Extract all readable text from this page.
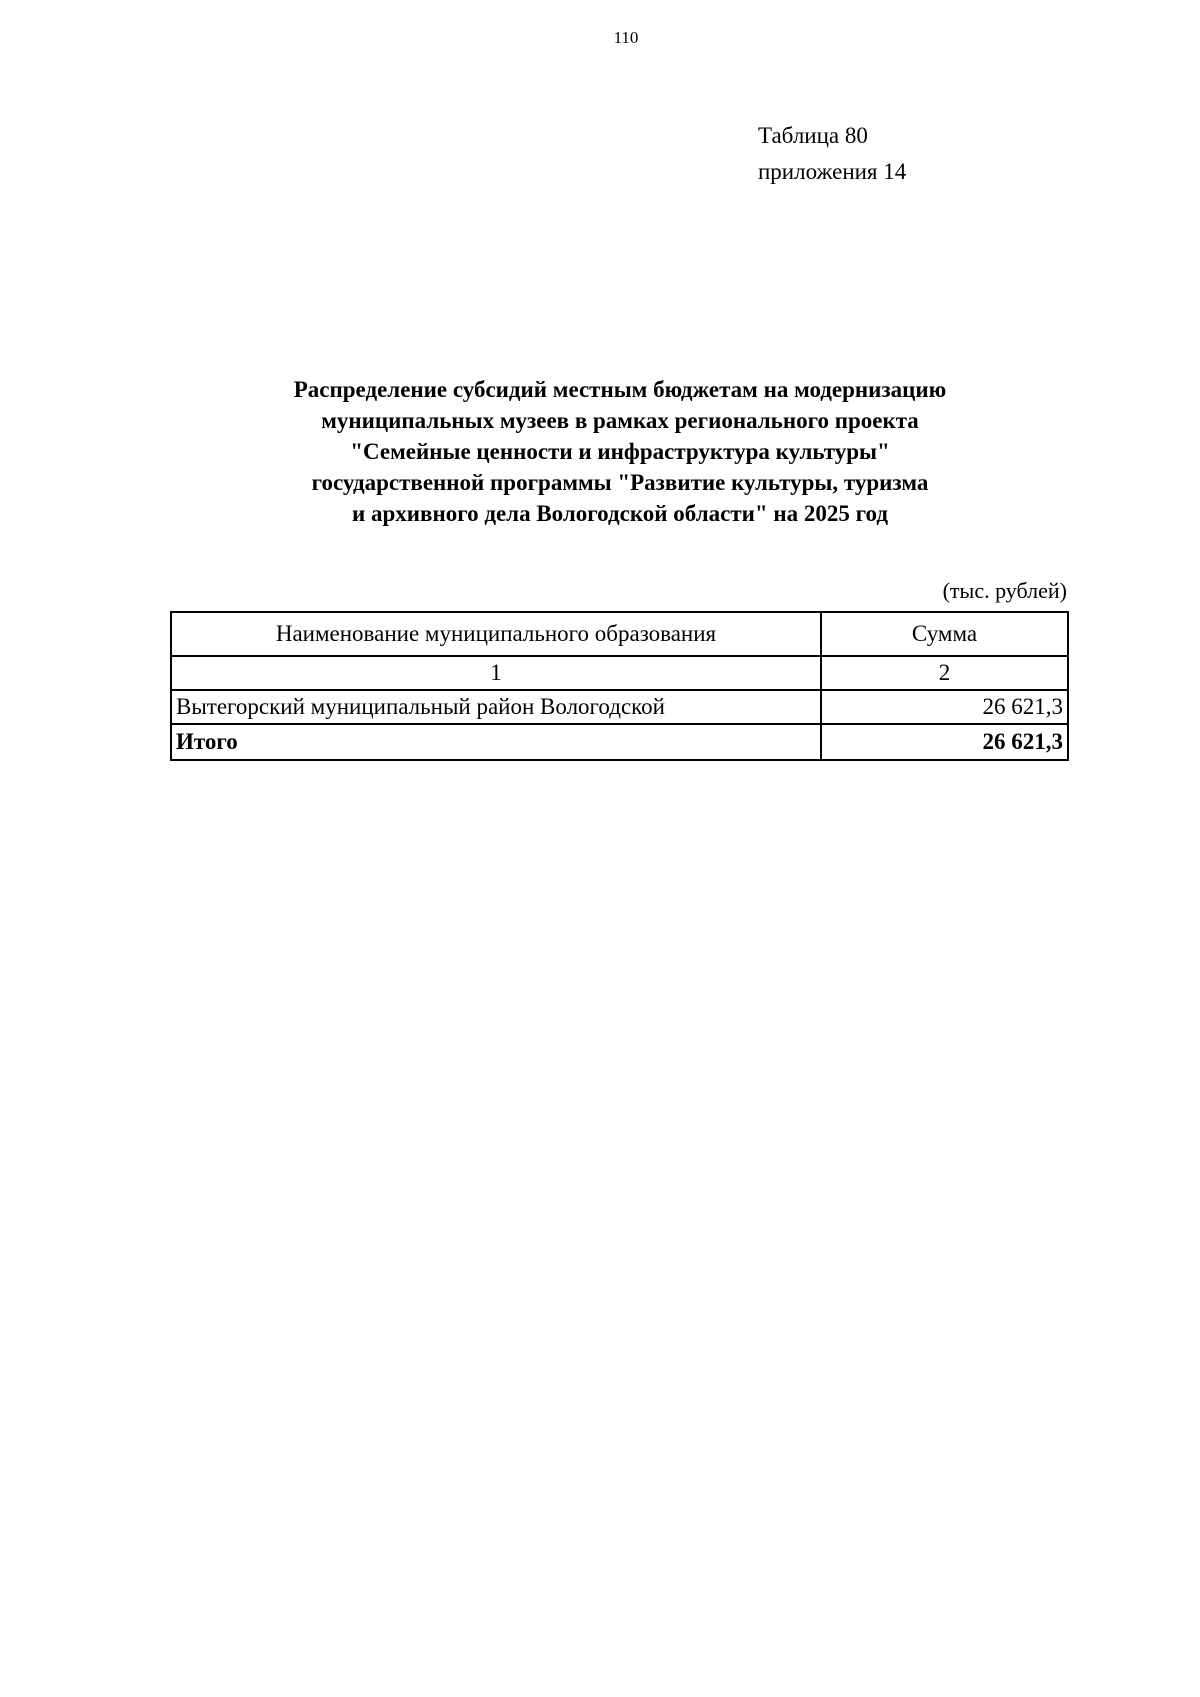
110
Таблица 80
приложения 14
Распределение субсидий местным бюджетам на модернизацию
муниципальных музеев в рамках регионального проекта
"Семейные ценности и инфраструктура культуры"
государственной программы "Развитие культуры, туризма
и архивного дела Вологодской области" на 2025 год
(тыс. рублей)
Наименование муниципального образования	Сумма
1	2
Вытегорский муниципальный район Вологодской	26 621,3
Итого	26 621,3
